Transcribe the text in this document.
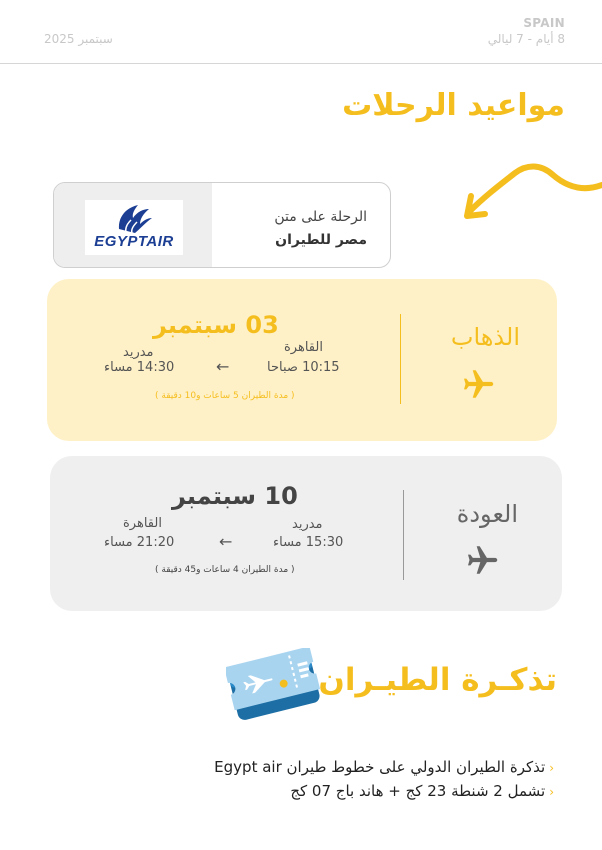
SPAIN
8 أيام - 7 ليالي
سبتمبر 2025
مواعيد الرحلات
EGYPTAIR
الرحلة على متن
مصر للطيران
الذهاب
03 سبتمبر
القاهرة
10:15 صباحا
←
مدريد
14:30 مساء
( مدة الطيران 5 ساعات و10 دقيقة )
العودة
10 سبتمبر
مدريد
15:30 مساء
←
القاهرة
21:20 مساء
( مدة الطيران 4 ساعات و45 دقيقة )
تذكـرة الطيـران
‹تذكرة الطيران الدولي على خطوط طيران Egypt air
‹تشمل 2 شنطة 23 كج + هاند باج 07 كج
